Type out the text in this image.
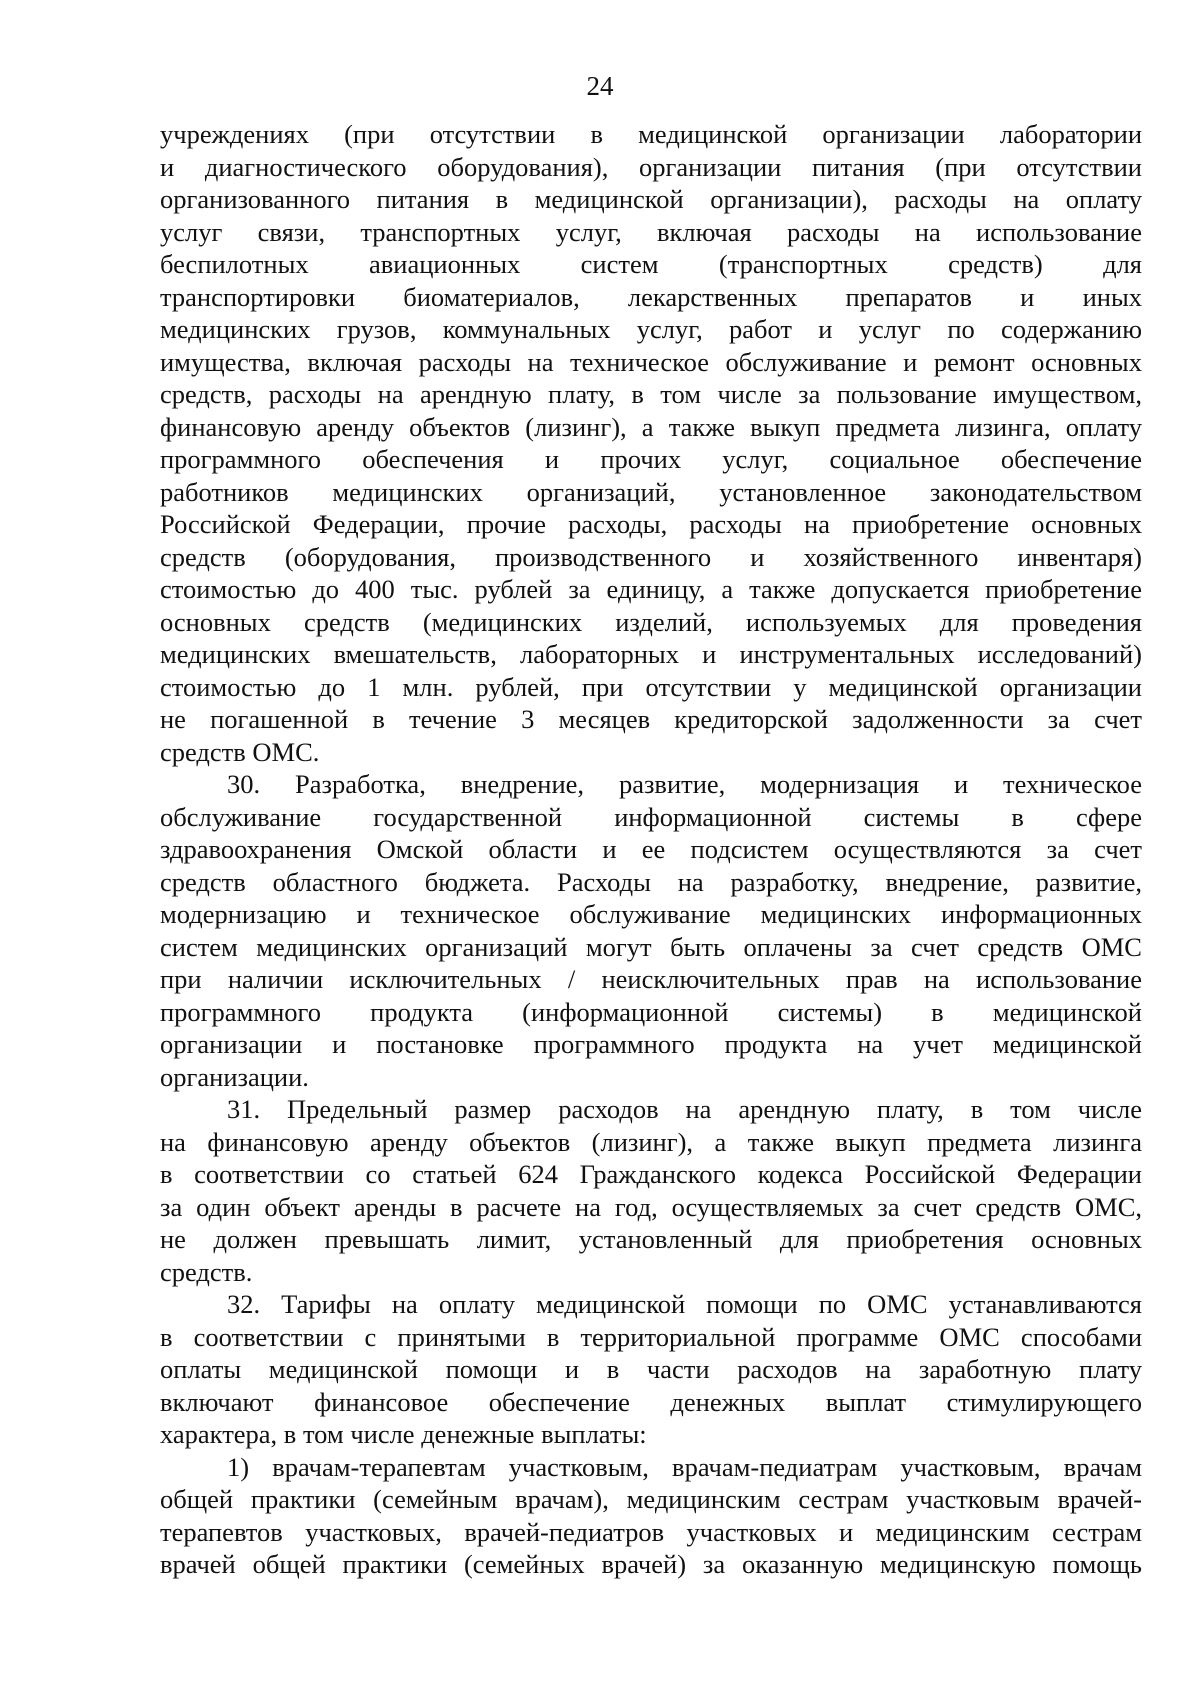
24
учреждениях (при отсутствии в медицинской организации лаборатории
и диагностического оборудования), организации питания (при отсутствии
организованного питания в медицинской организации), расходы на оплату
услуг связи, транспортных услуг, включая расходы на использование
беспилотных авиационных систем (транспортных средств) для
транспортировки биоматериалов, лекарственных препаратов и иных
медицинских грузов, коммунальных услуг, работ и услуг по содержанию
имущества, включая расходы на техническое обслуживание и ремонт основных
средств, расходы на арендную плату, в том числе за пользование имуществом,
финансовую аренду объектов (лизинг), а также выкуп предмета лизинга, оплату
программного обеспечения и прочих услуг, социальное обеспечение
работников медицинских организаций, установленное законодательством
Российской Федерации, прочие расходы, расходы на приобретение основных
средств (оборудования, производственного и хозяйственного инвентаря)
стоимостью до 400 тыс. рублей за единицу, а также допускается приобретение
основных средств (медицинских изделий, используемых для проведения
медицинских вмешательств, лабораторных и инструментальных исследований)
стоимостью до 1 млн. рублей, при отсутствии у медицинской организации
не погашенной в течение 3 месяцев кредиторской задолженности за счет
средств ОМС.
30. Разработка, внедрение, развитие, модернизация и техническое
обслуживание государственной информационной системы в сфере
здравоохранения Омской области и ее подсистем осуществляются за счет
средств областного бюджета. Расходы на разработку, внедрение, развитие,
модернизацию и техническое обслуживание медицинских информационных
систем медицинских организаций могут быть оплачены за счет средств ОМС
при наличии исключительных / неисключительных прав на использование
программного продукта (информационной системы) в медицинской
организации и постановке программного продукта на учет медицинской
организации.
31. Предельный размер расходов на арендную плату, в том числе
на финансовую аренду объектов (лизинг), а также выкуп предмета лизинга
в соответствии со статьей 624 Гражданского кодекса Российской Федерации
за один объект аренды в расчете на год, осуществляемых за счет средств ОМС,
не должен превышать лимит, установленный для приобретения основных
средств.
32. Тарифы на оплату медицинской помощи по ОМС устанавливаются
в соответствии с принятыми в территориальной программе ОМС способами
оплаты медицинской помощи и в части расходов на заработную плату
включают финансовое обеспечение денежных выплат стимулирующего
характера, в том числе денежные выплаты:
1) врачам-терапевтам участковым, врачам-педиатрам участковым, врачам
общей практики (семейным врачам), медицинским сестрам участковым врачей-
терапевтов участковых, врачей-педиатров участковых и медицинским сестрам
врачей общей практики (семейных врачей) за оказанную медицинскую помощь
